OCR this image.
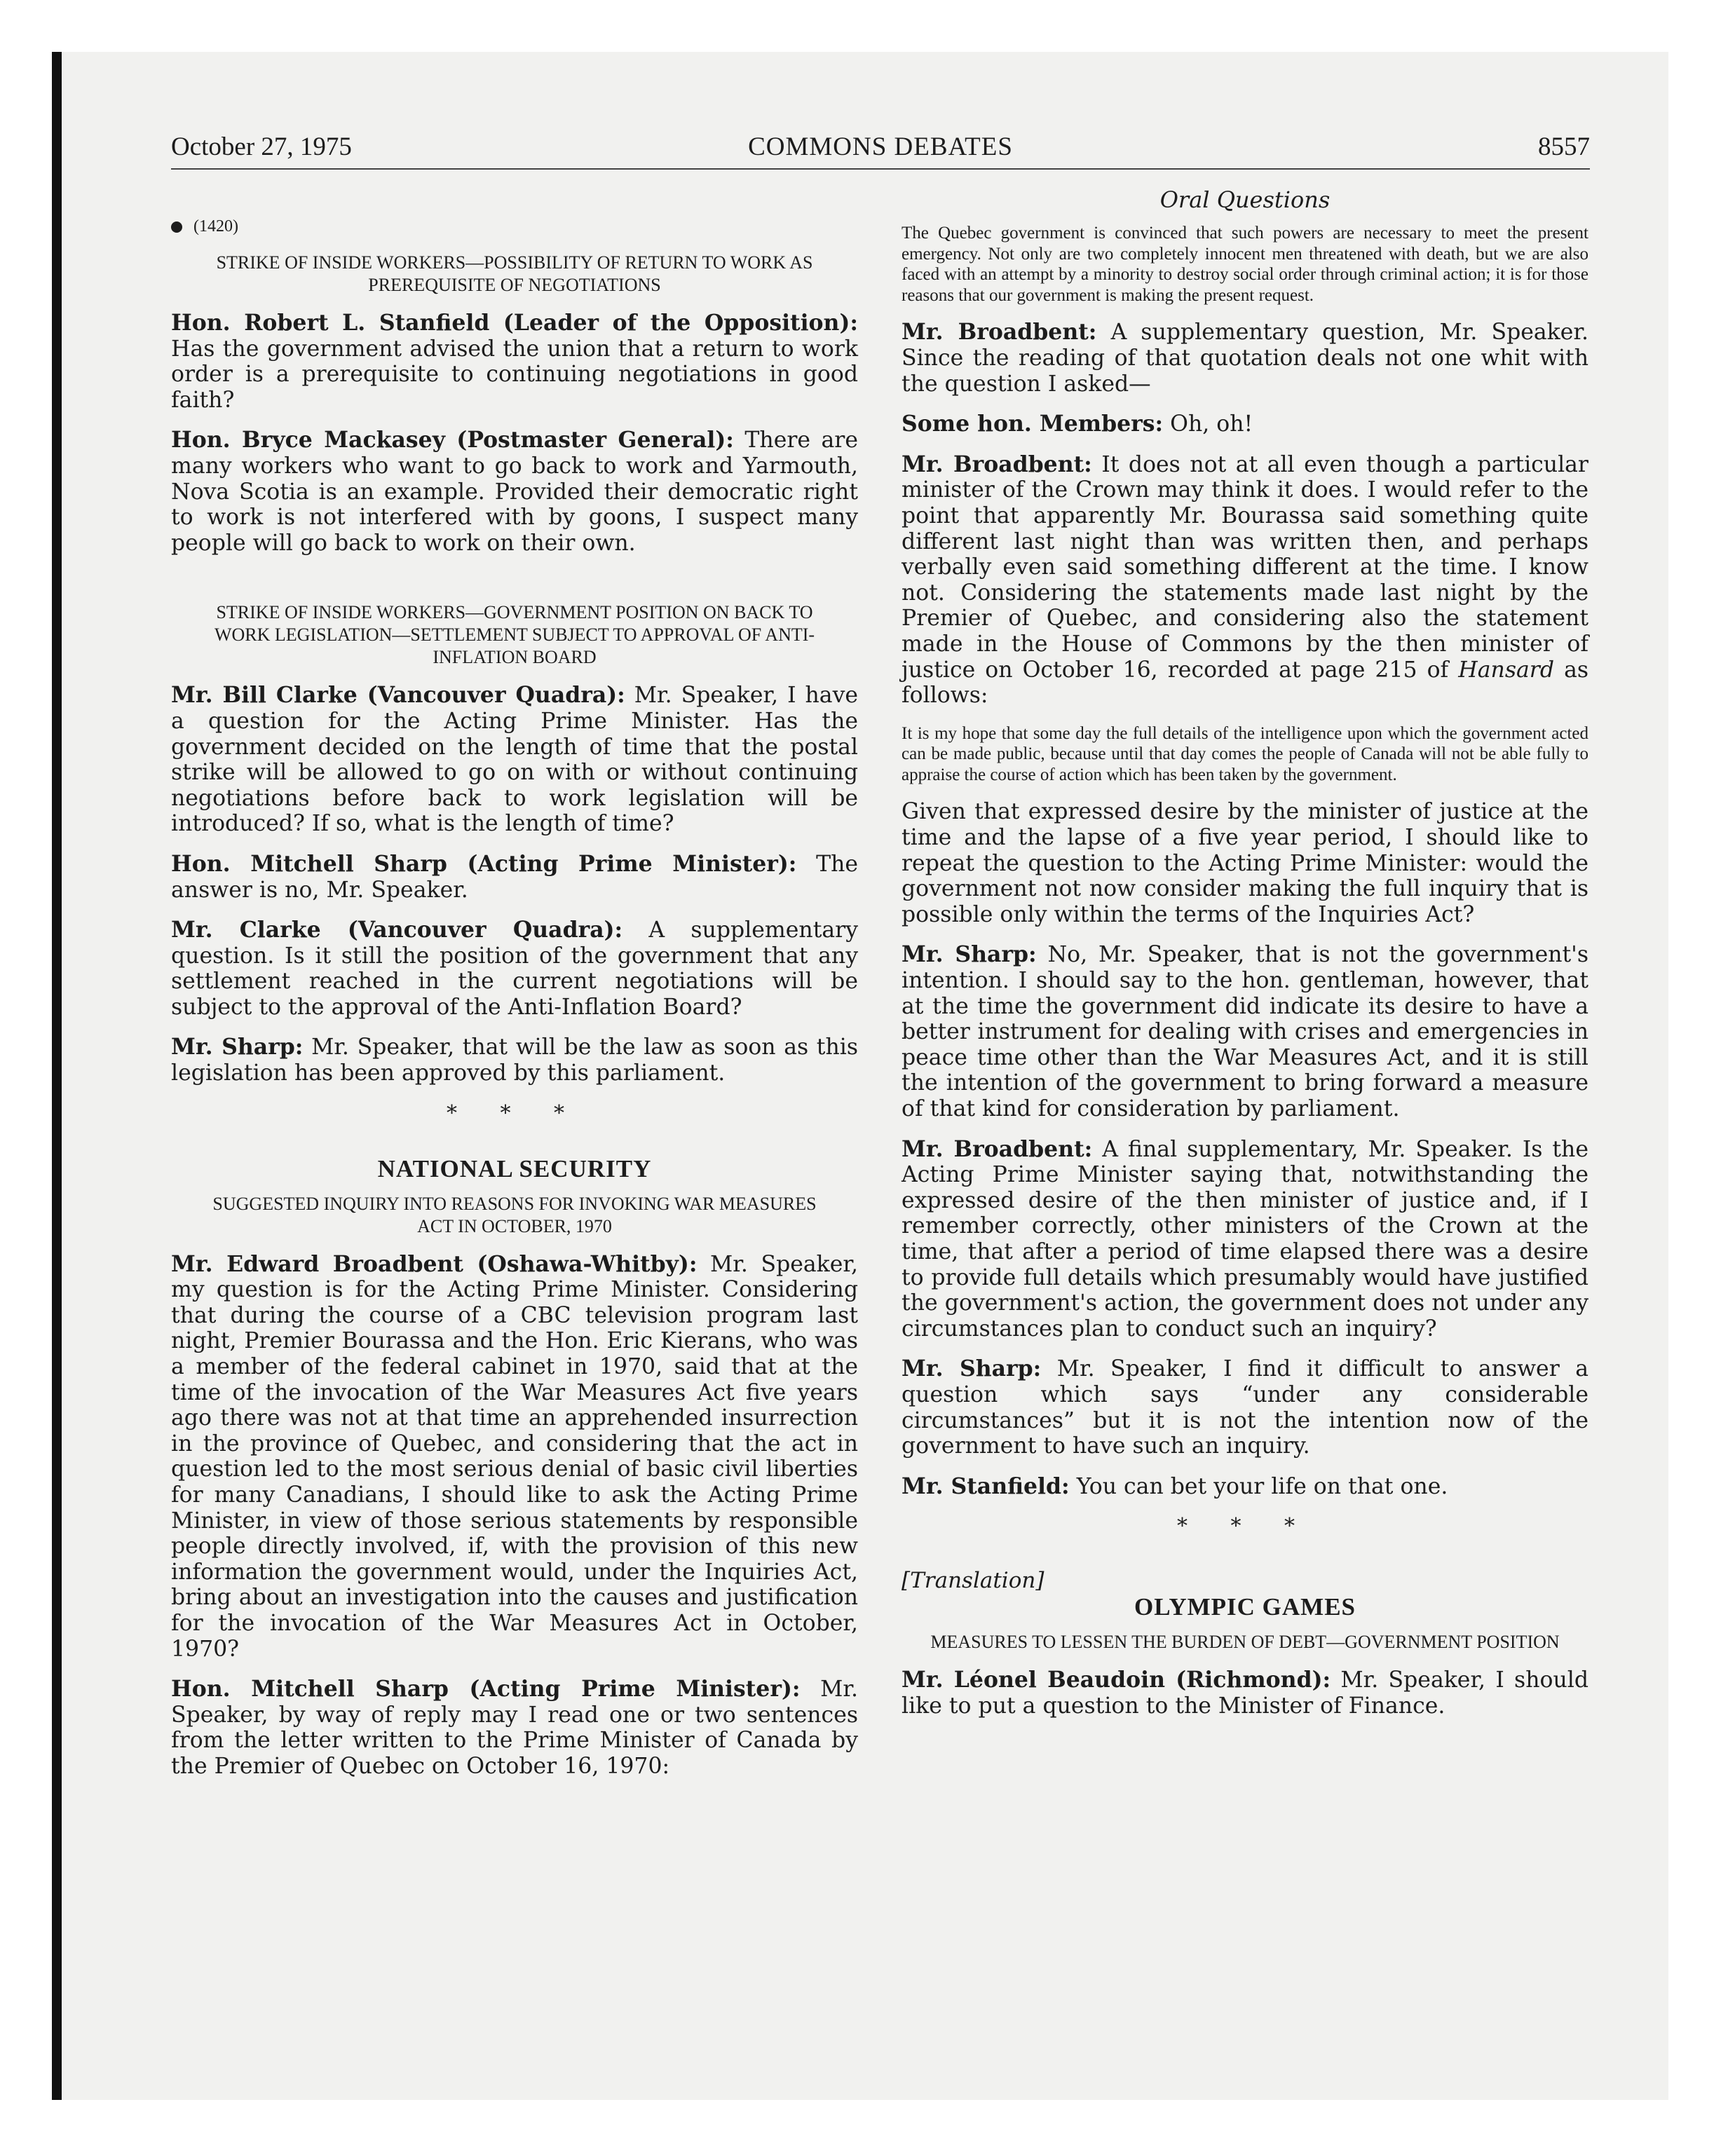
October 27, 1975	COMMONS DEBATES	8557
(1420)
STRIKE OF INSIDE WORKERS—POSSIBILITY OF RETURN TO WORK AS PREREQUISITE OF NEGOTIATIONS

Hon. Robert L. Stanfield (Leader of the Opposition): Has the government advised the union that a return to work order is a prerequisite to continuing negotiations in good faith?

Hon. Bryce Mackasey (Postmaster General): There are many workers who want to go back to work and Yarmouth, Nova Scotia is an example. Provided their democratic right to work is not interfered with by goons, I suspect many people will go back to work on their own.

STRIKE OF INSIDE WORKERS—GOVERNMENT POSITION ON BACK TO WORK LEGISLATION—SETTLEMENT SUBJECT TO APPROVAL OF ANTI-INFLATION BOARD

Mr. Bill Clarke (Vancouver Quadra): Mr. Speaker, I have a question for the Acting Prime Minister. Has the government decided on the length of time that the postal strike will be allowed to go on with or without continuing negotiations before back to work legislation will be introduced? If so, what is the length of time?

Hon. Mitchell Sharp (Acting Prime Minister): The answer is no, Mr. Speaker.

Mr. Clarke (Vancouver Quadra): A supplementary question. Is it still the position of the government that any settlement reached in the current negotiations will be subject to the approval of the Anti-Inflation Board?

Mr. Sharp: Mr. Speaker, that will be the law as soon as this legislation has been approved by this parliament.

* * *
NATIONAL SECURITY
SUGGESTED INQUIRY INTO REASONS FOR INVOKING WAR MEASURES ACT IN OCTOBER, 1970

Mr. Edward Broadbent (Oshawa-Whitby): Mr. Speaker, my question is for the Acting Prime Minister. Considering that during the course of a CBC television program last night, Premier Bourassa and the Hon. Eric Kierans, who was a member of the federal cabinet in 1970, said that at the time of the invocation of the War Measures Act five years ago there was not at that time an apprehended insurrection in the province of Quebec, and considering that the act in question led to the most serious denial of basic civil liberties for many Canadians, I should like to ask the Acting Prime Minister, in view of those serious statements by responsible people directly involved, if, with the provision of this new information the government would, under the Inquiries Act, bring about an investigation into the causes and justification for the invocation of the War Measures Act in October, 1970?

Hon. Mitchell Sharp (Acting Prime Minister): Mr. Speaker, by way of reply may I read one or two sentences from the letter written to the Prime Minister of Canada by the Premier of Quebec on October 16, 1970:

Oral Questions
The Quebec government is convinced that such powers are necessary to meet the present emergency. Not only are two completely innocent men threatened with death, but we are also faced with an attempt by a minority to destroy social order through criminal action; it is for those reasons that our government is making the present request.

Mr. Broadbent: A supplementary question, Mr. Speaker. Since the reading of that quotation deals not one whit with the question I asked—

Some hon. Members: Oh, oh!

Mr. Broadbent: It does not at all even though a particular minister of the Crown may think it does. I would refer to the point that apparently Mr. Bourassa said something quite different last night than was written then, and perhaps verbally even said something different at the time. I know not. Considering the statements made last night by the Premier of Quebec, and considering also the statement made in the House of Commons by the then minister of justice on October 16, recorded at page 215 of Hansard as follows:

It is my hope that some day the full details of the intelligence upon which the government acted can be made public, because until that day comes the people of Canada will not be able fully to appraise the course of action which has been taken by the government.

Given that expressed desire by the minister of justice at the time and the lapse of a five year period, I should like to repeat the question to the Acting Prime Minister: would the government not now consider making the full inquiry that is possible only within the terms of the Inquiries Act?

Mr. Sharp: No, Mr. Speaker, that is not the government's intention. I should say to the hon. gentleman, however, that at the time the government did indicate its desire to have a better instrument for dealing with crises and emergencies in peace time other than the War Measures Act, and it is still the intention of the government to bring forward a measure of that kind for consideration by parliament.

Mr. Broadbent: A final supplementary, Mr. Speaker. Is the Acting Prime Minister saying that, notwithstanding the expressed desire of the then minister of justice and, if I remember correctly, other ministers of the Crown at the time, that after a period of time elapsed there was a desire to provide full details which presumably would have justified the government's action, the government does not under any circumstances plan to conduct such an inquiry?

Mr. Sharp: Mr. Speaker, I find it difficult to answer a question which says “under any considerable circumstances” but it is not the intention now of the government to have such an inquiry.

Mr. Stanfield: You can bet your life on that one.

* * *
[Translation]
OLYMPIC GAMES
MEASURES TO LESSEN THE BURDEN OF DEBT—GOVERNMENT POSITION

Mr. Léonel Beaudoin (Richmond): Mr. Speaker, I should like to put a question to the Minister of Finance.
